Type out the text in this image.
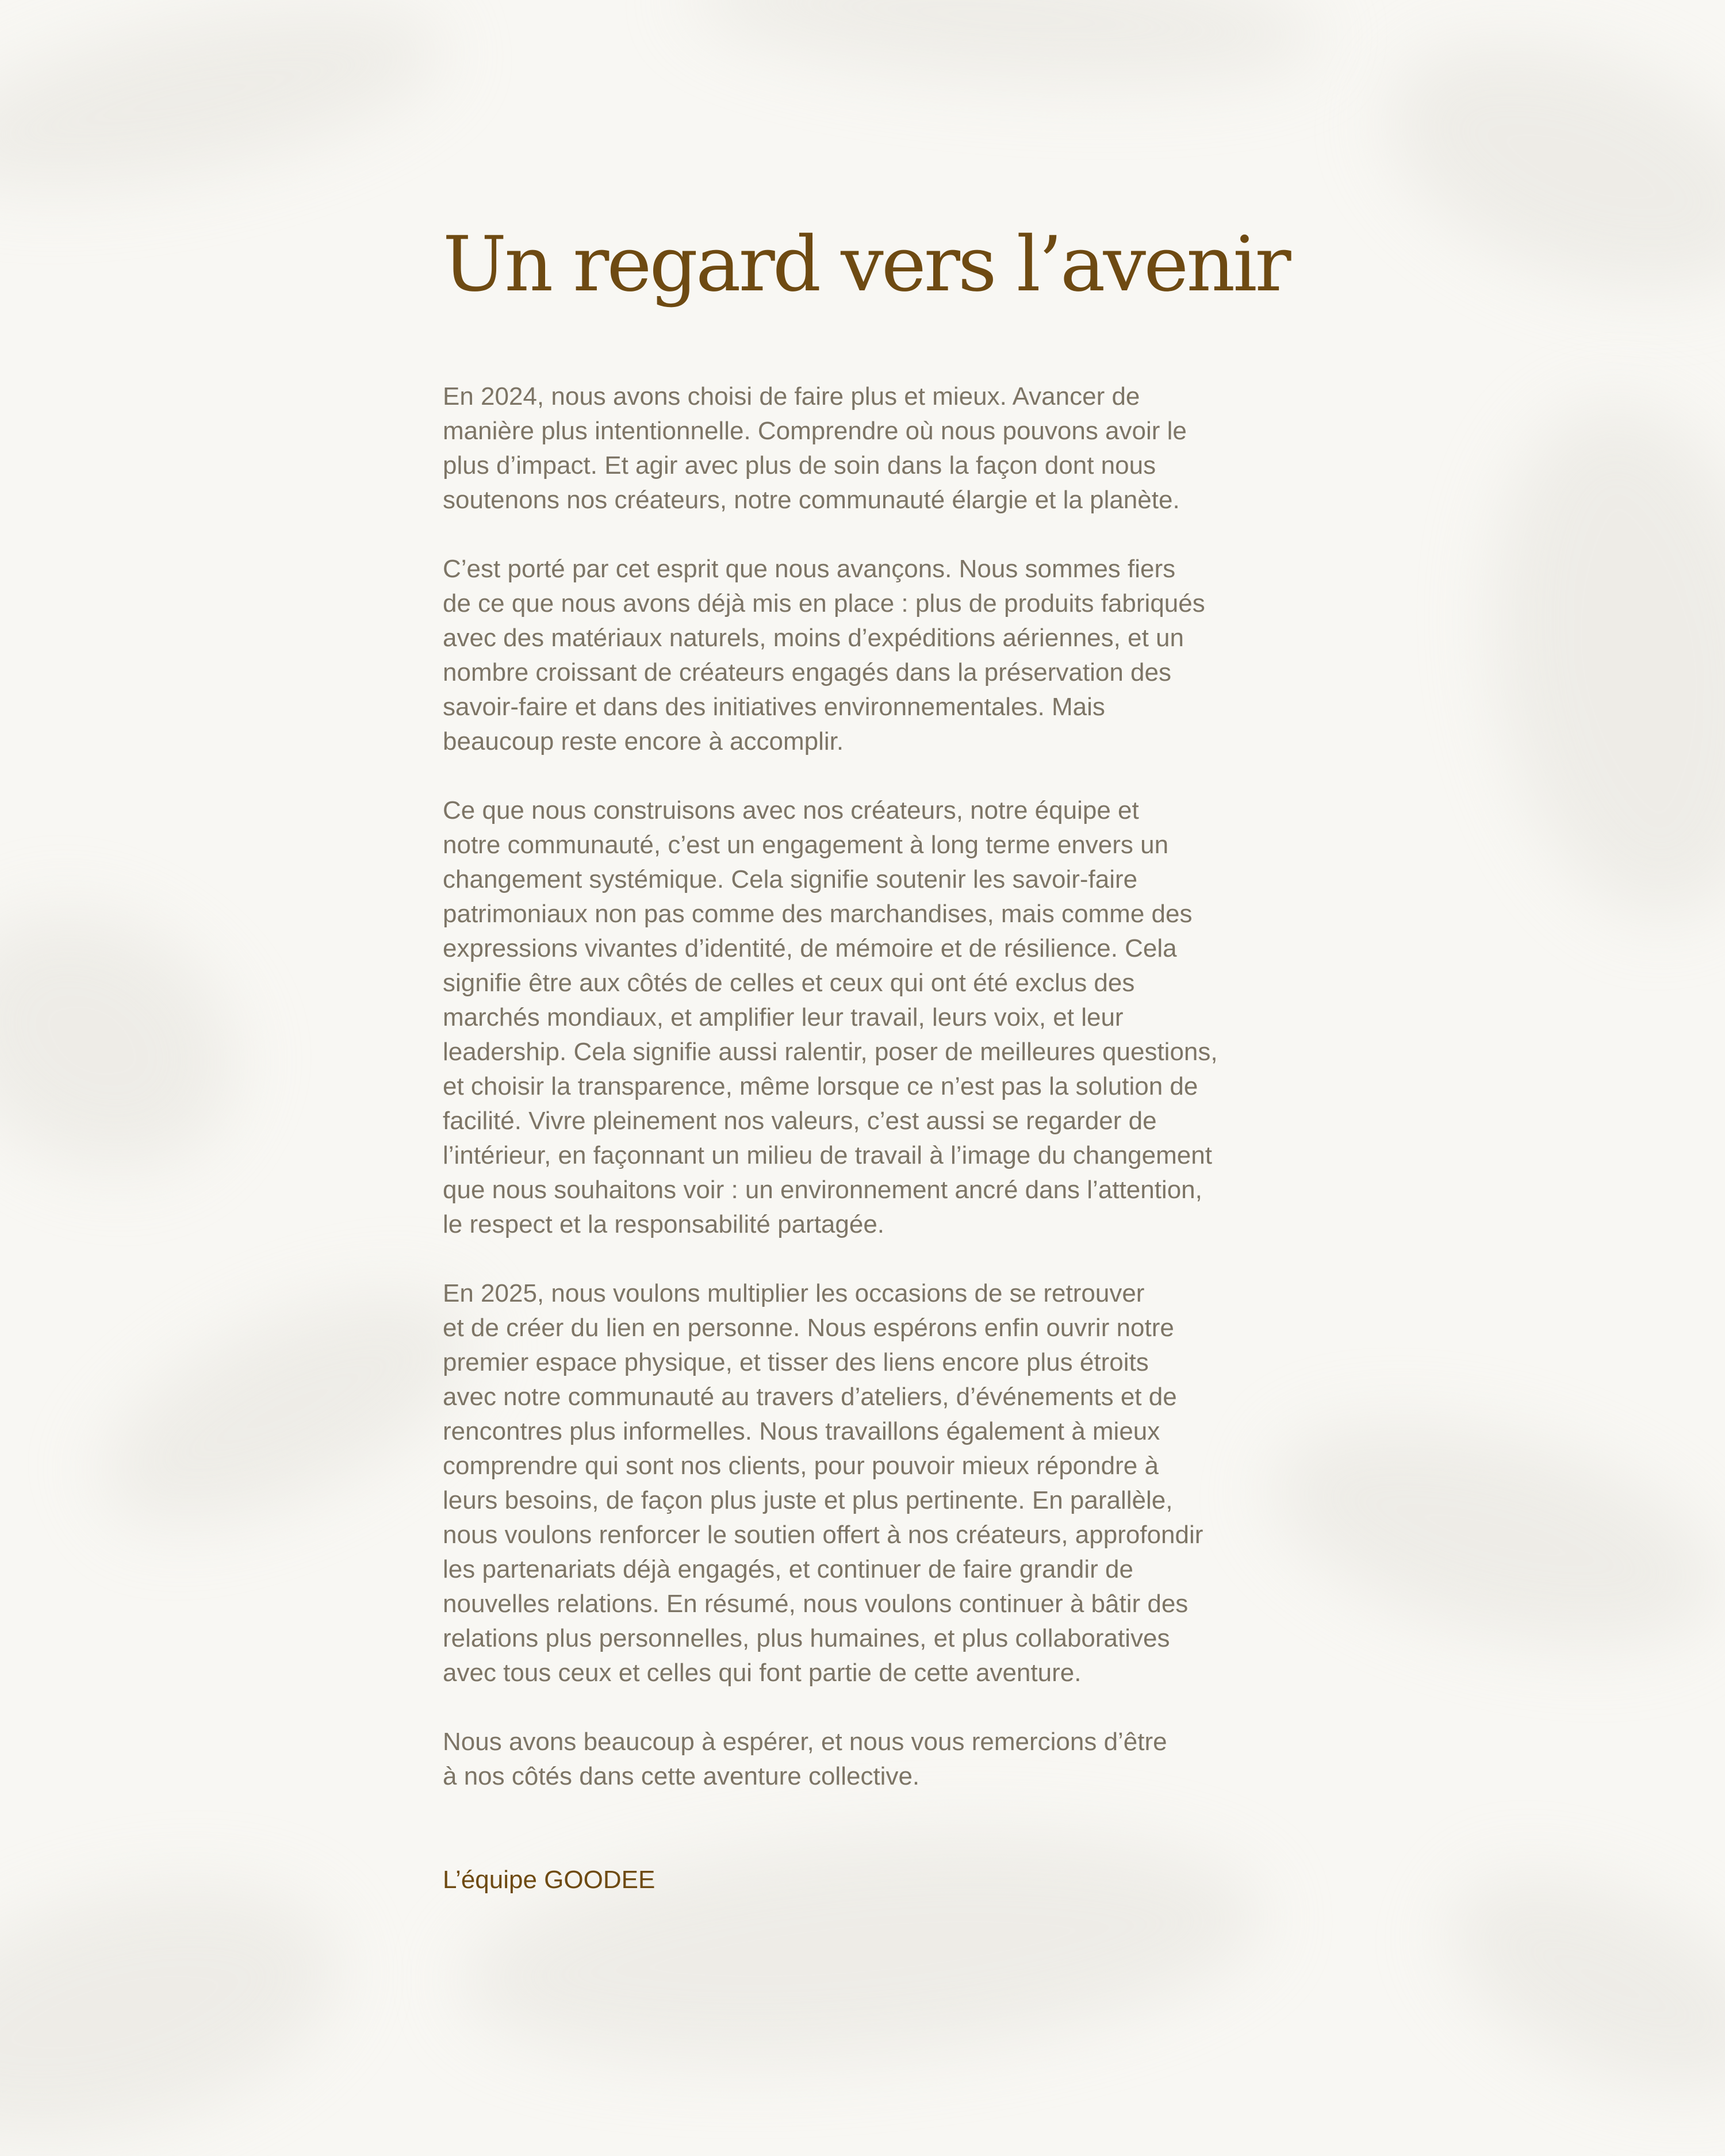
Un regard vers l’avenir

En 2024, nous avons choisi de faire plus et mieux. Avancer de
manière plus intentionnelle. Comprendre où nous pouvons avoir le
plus d’impact. Et agir avec plus de soin dans la façon dont nous
soutenons nos créateurs, notre communauté élargie et la planète.

C’est porté par cet esprit que nous avançons. Nous sommes fiers
de ce que nous avons déjà mis en place : plus de produits fabriqués
avec des matériaux naturels, moins d’expéditions aériennes, et un
nombre croissant de créateurs engagés dans la préservation des
savoir-faire et dans des initiatives environnementales. Mais
beaucoup reste encore à accomplir.

Ce que nous construisons avec nos créateurs, notre équipe et
notre communauté, c’est un engagement à long terme envers un
changement systémique. Cela signifie soutenir les savoir-faire
patrimoniaux non pas comme des marchandises, mais comme des
expressions vivantes d’identité, de mémoire et de résilience. Cela
signifie être aux côtés de celles et ceux qui ont été exclus des
marchés mondiaux, et amplifier leur travail, leurs voix, et leur
leadership. Cela signifie aussi ralentir, poser de meilleures questions,
et choisir la transparence, même lorsque ce n’est pas la solution de
facilité. Vivre pleinement nos valeurs, c’est aussi se regarder de
l’intérieur, en façonnant un milieu de travail à l’image du changement
que nous souhaitons voir : un environnement ancré dans l’attention,
le respect et la responsabilité partagée.

En 2025, nous voulons multiplier les occasions de se retrouver
et de créer du lien en personne. Nous espérons enfin ouvrir notre
premier espace physique, et tisser des liens encore plus étroits
avec notre communauté au travers d’ateliers, d’événements et de
rencontres plus informelles. Nous travaillons également à mieux
comprendre qui sont nos clients, pour pouvoir mieux répondre à
leurs besoins, de façon plus juste et plus pertinente. En parallèle,
nous voulons renforcer le soutien offert à nos créateurs, approfondir
les partenariats déjà engagés, et continuer de faire grandir de
nouvelles relations. En résumé, nous voulons continuer à bâtir des
relations plus personnelles, plus humaines, et plus collaboratives
avec tous ceux et celles qui font partie de cette aventure.

Nous avons beaucoup à espérer, et nous vous remercions d’être
à nos côtés dans cette aventure collective.

L’équipe GOODEE
